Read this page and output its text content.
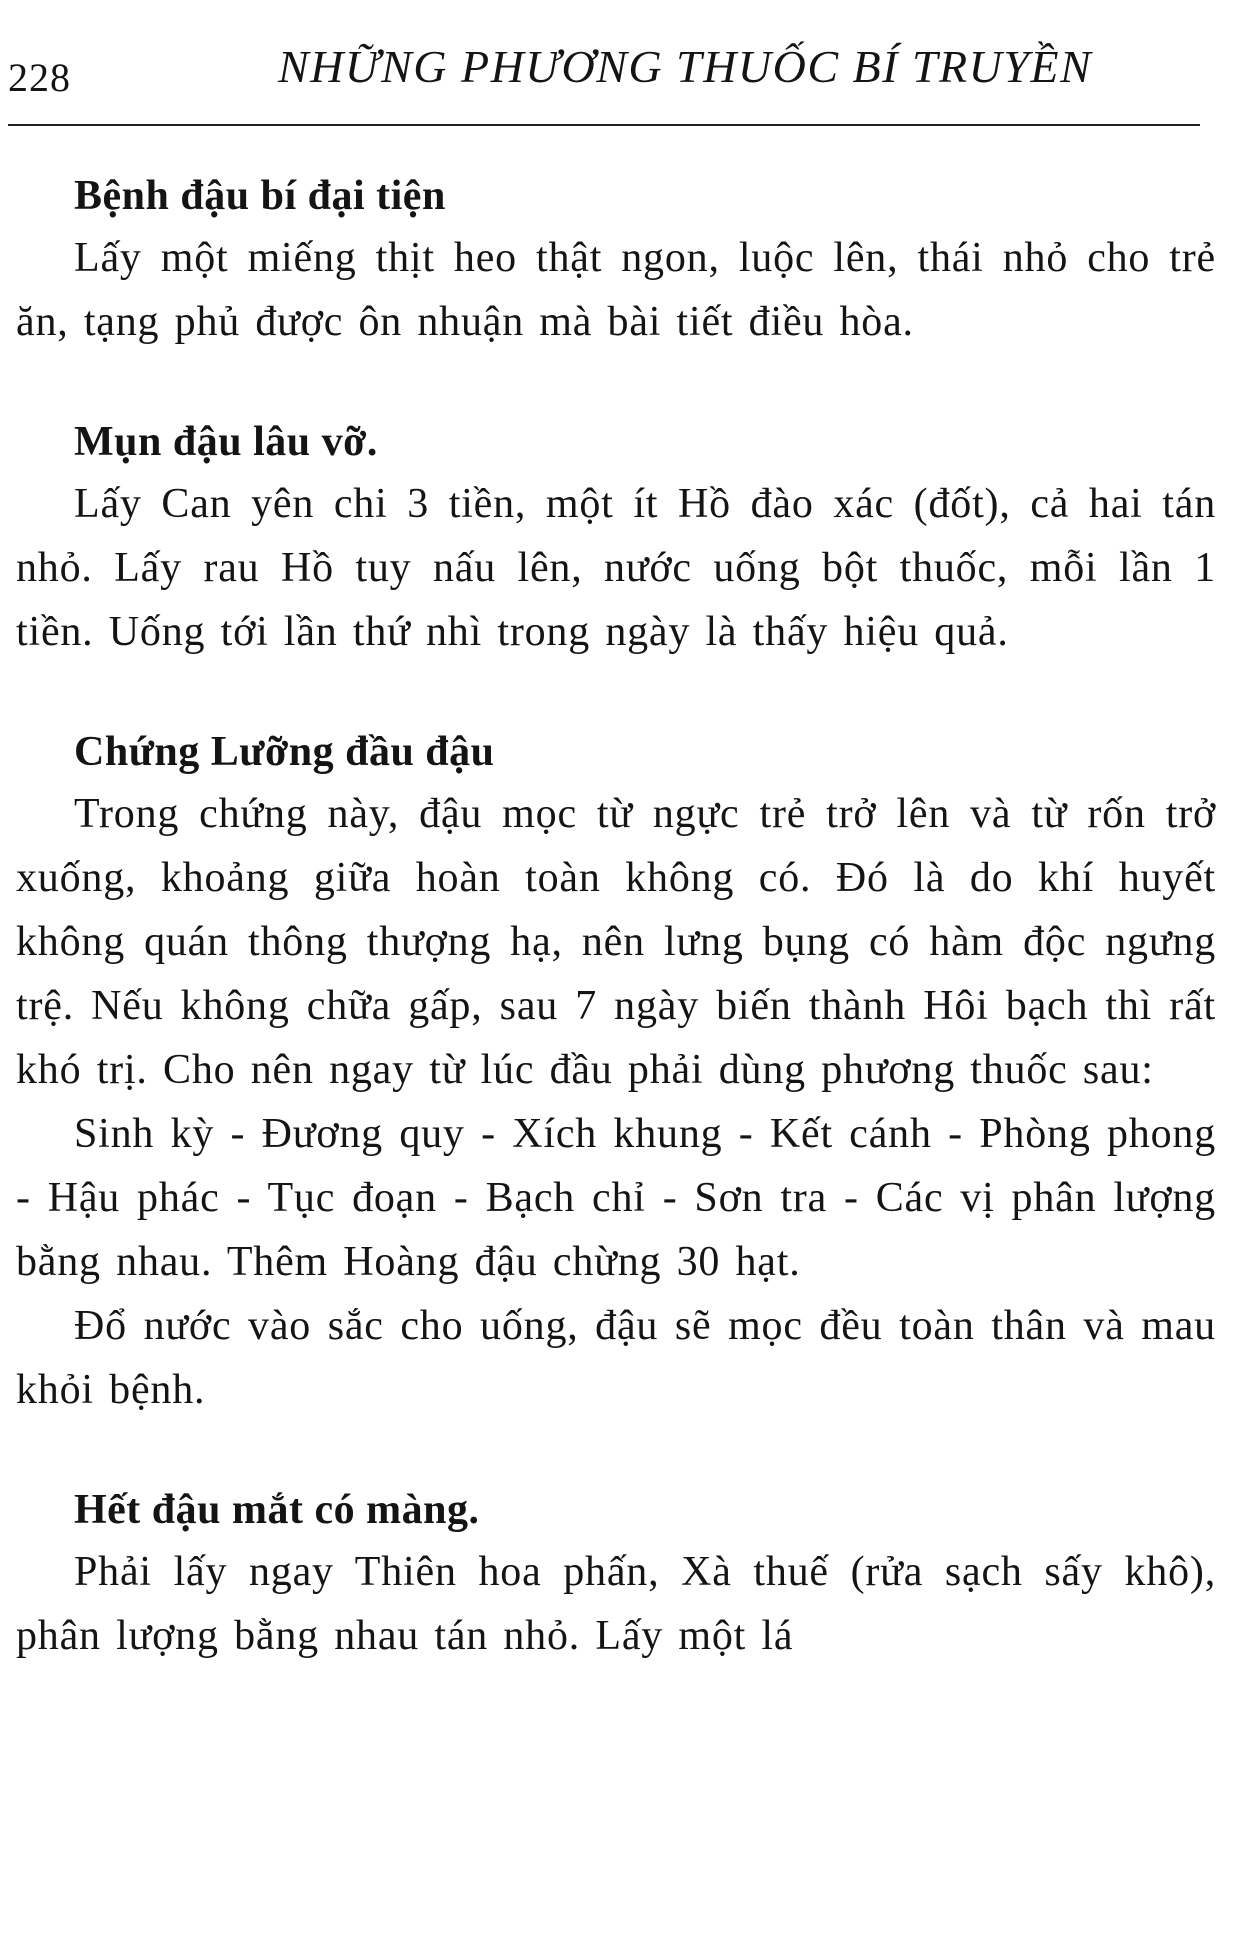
228	NHỮNG PHƯƠNG THUỐC BÍ TRUYỀN
Bệnh đậu bí đại tiện

Lấy một miếng thịt heo thật ngon, luộc lên, thái nhỏ cho trẻ ăn, tạng phủ được ôn nhuận mà bài tiết điều hòa.

Mụn đậu lâu vỡ.

Lấy Can yên chi 3 tiền, một ít Hồ đào xác (đốt), cả hai tán nhỏ. Lấy rau Hồ tuy nấu lên, nước uống bột thuốc, mỗi lần 1 tiền. Uống tới lần thứ nhì trong ngày là thấy hiệu quả.

Chứng Lưỡng đầu đậu

Trong chứng này, đậu mọc từ ngực trẻ trở lên và từ rốn trở xuống, khoảng giữa hoàn toàn không có. Đó là do khí huyết không quán thông thượng hạ, nên lưng bụng có hàm độc ngưng trệ. Nếu không chữa gấp, sau 7 ngày biến thành Hôi bạch thì rất khó trị. Cho nên ngay từ lúc đầu phải dùng phương thuốc sau:

Sinh kỳ - Đương quy - Xích khung - Kết cánh - Phòng phong - Hậu phác - Tục đoạn - Bạch chỉ - Sơn tra - Các vị phân lượng bằng nhau. Thêm Hoàng đậu chừng 30 hạt.

Đổ nước vào sắc cho uống, đậu sẽ mọc đều toàn thân và mau khỏi bệnh.

Hết đậu mắt có màng.

Phải lấy ngay Thiên hoa phấn, Xà thuế (rửa sạch sấy khô), phân lượng bằng nhau tán nhỏ. Lấy một lá
